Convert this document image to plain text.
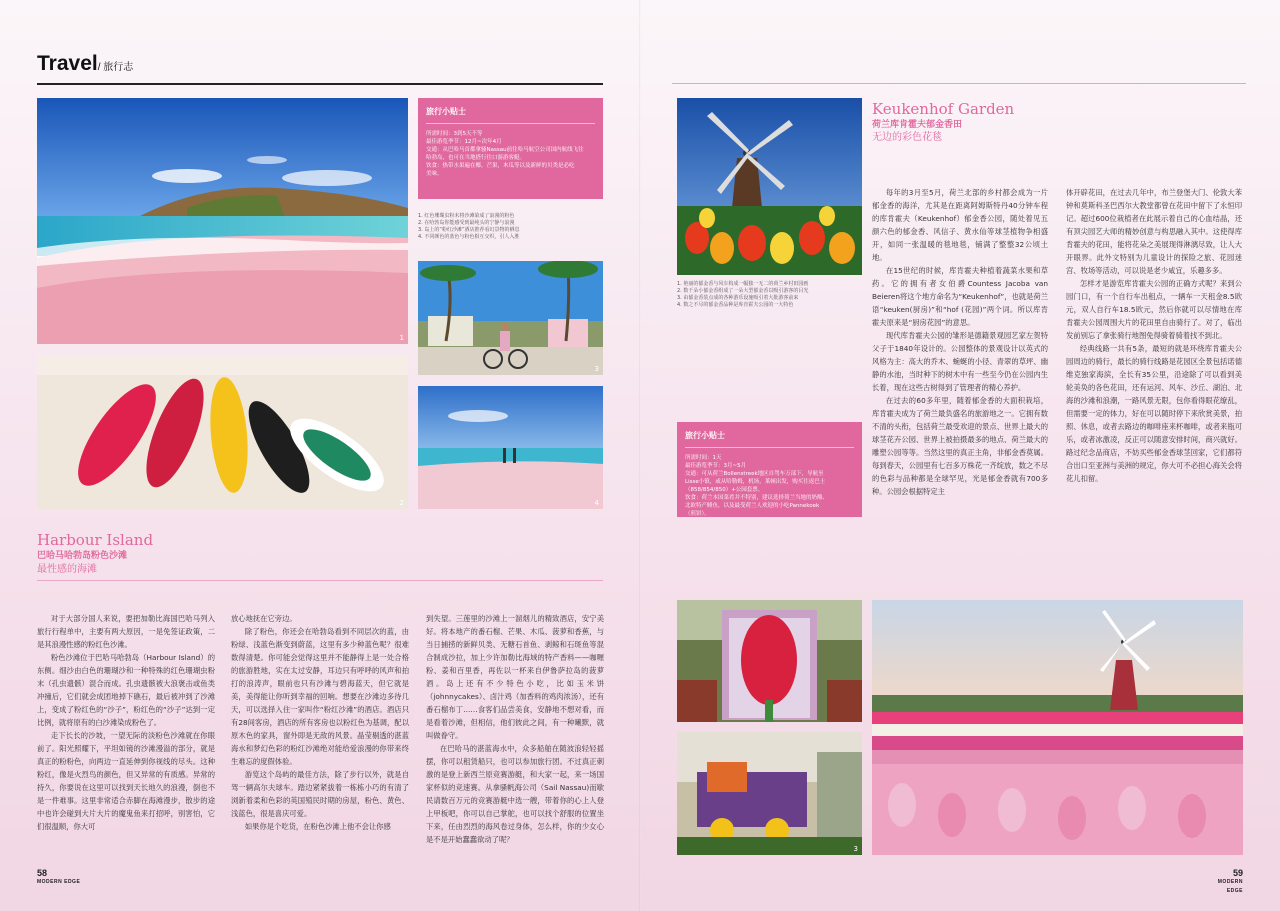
Travel/ 旅行志
1
2
旅行小贴士
所需时间：3到5天不等
最佳游览季节：12月~次年4月
交通：从巴哈马首都拿骚Nassau前往哈马航空公司国内航线飞往
哈勃岛，也可在当地搭行往口游游客艇。
饮食：热带水果遍在椰，芒果，木瓜等以及新鲜的贝类是必吃
美味。
1. 红色珊瑚虫粉末将沙滩染成了浪漫的粉色
2. 在哈勃岛你能感受到最纯头的宁静与浪漫
3. 岛上的“粉红沙滩”酒店推荐看幻景物的栖息
4. 不同颜色的蓝色与粉色相互交织，引人入胜
3
4
Harbour Island
巴哈马哈勃岛粉色沙滩
最性感的海滩

对于大部分国人来说，要把加勒比海国巴哈马列入旅行行程单中，主要有两大原因，一是免签证政策，二是其浪漫性感的粉红色沙滩。

粉色沙滩位于巴哈马哈勃岛（Harbour Island）的东侧。细沙由白色的珊瑚沙和一种特殊的红色珊瑚虫粉末（孔虫遗骸）混合而成。孔虫遗骸被大浪褒击或鱼类冲撞后，它们就会成团地掉下礁石，最后被冲到了沙滩上，变成了粉红色的“沙子”，粉红色的“沙子”达到一定比例，就将原有的白沙滩染成粉色了。

走下长长的沙坡，一望无际的淡粉色沙滩就在你眼前了。阳光照耀下，平坦如镜的沙滩漫溢的部分，就是真正的粉粉色，向两边一直延伸到你视线的尽头。这种粉红，像是火烈鸟的颜色，但又异常的有质感。异常的持久，你要说在这里可以找到天长地久的浪漫，倒也不是一件难事。这里非常适合赤脚在海滩漫步，散步的途中也许会碰到大片大片的魔鬼鱼来打招呼，别害怕，它们很温顺，你大可

放心地抚在它旁边。

除了粉色，你还会在哈勃岛看到不同层次的蓝，由粉绿、浅蓝色渐变到蔚蓝，这里有多少种蓝色呢？很难数得清楚。你可能会觉得这里并不能静得上是一处合格的旅游胜地，实在太过安静，耳边只有呼呼的风声和拍打的浪涛声，眼前也只有沙滩与碧海蓝天，但它就是美，美得能让你听到幸福的回响。想要在沙滩边多待几天，可以选择入住一家叫作“粉红沙滩”的酒店。酒店只有28间客房，酒店的所有客房也以粉红色为基调，配以原木色的家具，窗外即是无敌的风景。晶莹剔透的湛蓝海水和梦幻色彩的粉红沙滩绝对能给爱浪漫的你带来终生难忘的度假体验。

游览这个岛屿的最佳方法，除了步行以外，就是自驾一辆高尔夫球车。踏边紧紧拔着一栋栋小巧的有清了浏新着柔和色彩的英国殖民时期的房屋，粉色、黄色、浅蓝色，很是喜庆可爱。

如果你是个吃货，在粉色沙滩上他不会让你感

到失望。三莲里的沙滩上一溜烟儿的精致酒店，安宁美好。将本地产的番石榴、芒果、木瓜、菠萝和香蕉，与当日捕捞的新鲜贝类、无糖石首鱼、剥鲸和石斑鱼等混合制成沙拉，加上少许加勒比海域的特产香料——咖喱粉、姜和百里香，再佐以一杯来自伊鲁萨拉岛的菠萝酒。岛上还有不少特色小吃，比如玉米饼（johnnycakes）、卤汁鸡（加香料的鸡肉浓汤），还有番石榴布丁……食客们品尝美食，安静地不想对看，而是看着沙滩，但相信，他们彼此之间，有一种曦默，就叫做眷守。

在巴哈马的湛蓝海水中，众多船舶在随波浪轻轻摇摆，你可以租赁船只，也可以参加旅行团。不过真正刺激的是登上新西兰原竞赛游艇，和大家一起，来一场国家杯似的竞速赛。从拿骚帆海公司（Sail Nassau)而歇民请数百万元的竞赛游艇中选一艘，带着你的心上人登上甲板吧，你可以自己掌舵，也可以找个舒服的位置坐下来，任由烈烈的海风卷过身体，怎么样，你的少女心是不是开始蠢蠢欲动了呢？

58
MODERN EDGE
1. 艳丽的郁金香与风车构成一幅独一无二的荷兰乡村田园画
2. 数千朵小郁金香组成了一朵大型郁金香以吸引游客的目光
3. 由郁金香装点成的各种游乐设施吸引着大批游客前来
4. 数之不尽的郁金香品种是库肯霍夫公园的一大特色
旅行小贴士
所需时间：1天
最佳游览季节：3月~5月
交通：可从荷兰Bollenstreek地区自驾车万部下，导航至
Lisse小镇，或从哈勒姆，机场，莱顿出发，购买往返巴士
（858/854/850）+公园套票。
饮食：荷兰本国菜肴并不特别，建议选择荷兰当地的奶酪、
北欧特产鲱鱼，以及最受荷兰人欢迎的小吃Pannekoek
（煎饼）。
Keukenhof Garden
荷兰库肯霍夫郁金香田
无边的彩色花毯

每年的3月至5月，荷兰北部的乡村都会成为一片郁金香的海洋，尤其是在距离阿姆斯特丹40分钟车程的库肯霍夫（Keukenhof）郁金香公园，随处着见五颜六色的郁金香、风信子、黄水仙等球茎植物争相盛开，如同一张温暖的毯地毯，铺满了整整32公顷土地。

在15世纪的时候，库肯霍夫种植着蔬菜水果和草药。它的拥有者女伯爵Countess Jacoba van Beieren将这个地方命名为“Keukenhof”，也就是荷兰语“keuken(厨房)”和“hof (花园)”两个词。所以库肯霍夫原来是“厨房花园”的意思。

现代库肯霍夫公园的雏形是德籍景观园艺家左贺特父子于1840年设计的。公园整体的景观设计以英式的风格为主：高大的乔木、蜿蜒的小径、青翠的草坪、幽静的水池，当时种下的树木中有一些至今仍在公园内生长着，现在这些古树得到了管理者的精心养护。

在过去的60多年里，随着郁金香的大面积栽培，库肯霍夫成为了荷兰最负盛名的旅游地之一。它拥有数不清的头衔，包括荷兰最受欢迎的景点、世界上最大的球茎花卉公园、世界上被拍摄最多的地点、荷兰最大的雕塑公园等等。当然这里的真正主角，非郁金香莫属。每到春天，公园里有七百多万株花一齐绽放，数之不尽的色彩与品种都是全球罕见，光是郁金香就有700多种。公园会根据特定主

体开辟花田，在过去几年中，布兰登堡大门、伦敦大苯钟和莫斯科圣巴西尔大教堂都曾在花田中留下了永恒印记。超过600位栽植者在此展示着自己的心血结晶，还有顶尖园艺大师的精妙创意与构思融入其中。这使得库肯霍夫的花田，能将花朵之美展现得淋漓尽致，让人大开眼界。此外文特别为儿童设计的探险之旅、花园迷宫、牧场等活动，可以说是老少咸宜，乐趣多多。

怎样才是游览库肯霍夫公园的正确方式呢？来到公园门口，有一个自行车出租点，一辆车一天租金8.5欧元，双人自行车18.5欧元，然后你就可以尽情地在库肯霍夫公园周围大片的花田里自由骑行了。对了，临出发前别忘了拿张骑行地图免得骑着骑着找不到北。

经典线路一共有5条，最短的就是环绕库肯霍夫公园周边的骑行，最长的骑行线路是花园区全景包括诺德维克独家海滨，全长有35公里，沿途除了可以看到美轮美奂的各色花田，还有运河、风车、沙丘、湖泊、北海的沙滩和浪潮，一路风景无限，包你看得眼花缭乱，但需要一定的体力，好在可以随时停下来欣赏美景，拍照、休息，或者去路边的咖啡座来杯咖啡，或者来瓶可乐，或者冰激凌，反正可以随意安排时间，商兴就好。路过纪念品商店，不妨买些郁金香球茎回家，它们都符合出口至亚洲与美洲的规定，你大可不必担心海关会将花儿扣留。

3
59
MODERN EDGE
